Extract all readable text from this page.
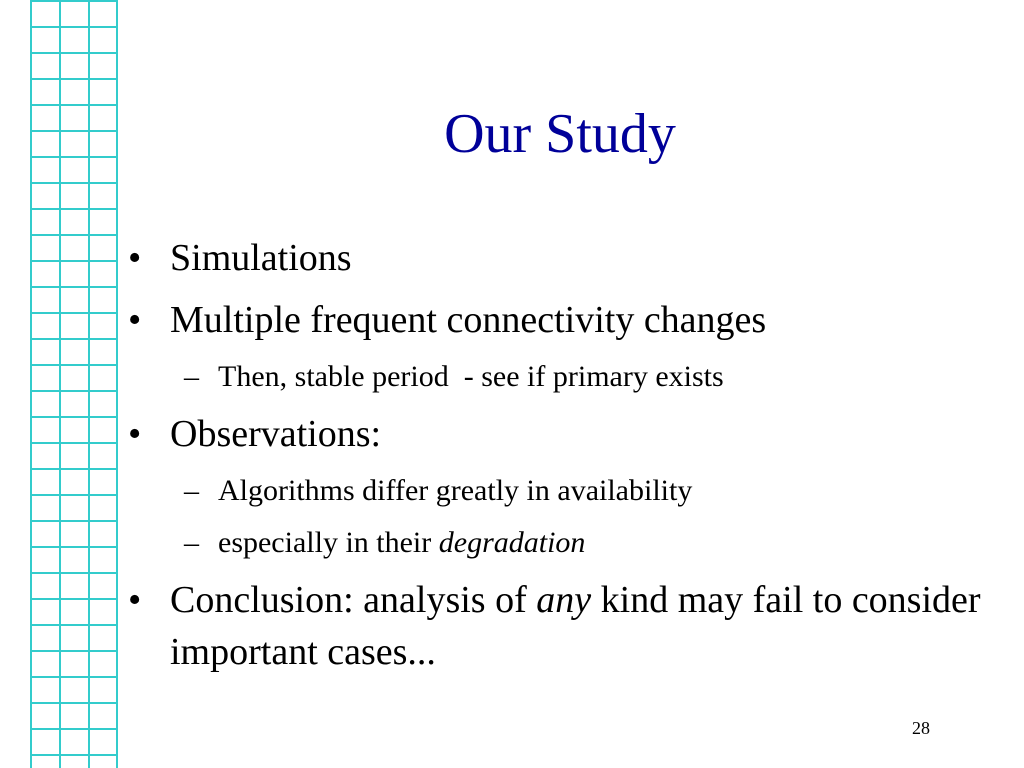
Our Study
• Simulations
• Multiple frequent connectivity changes
– Then, stable period  - see if primary exists
• Observations:
– Algorithms differ greatly in availability
– especially in their degradation
• Conclusion: analysis of any kind may fail to consider important cases...
28
